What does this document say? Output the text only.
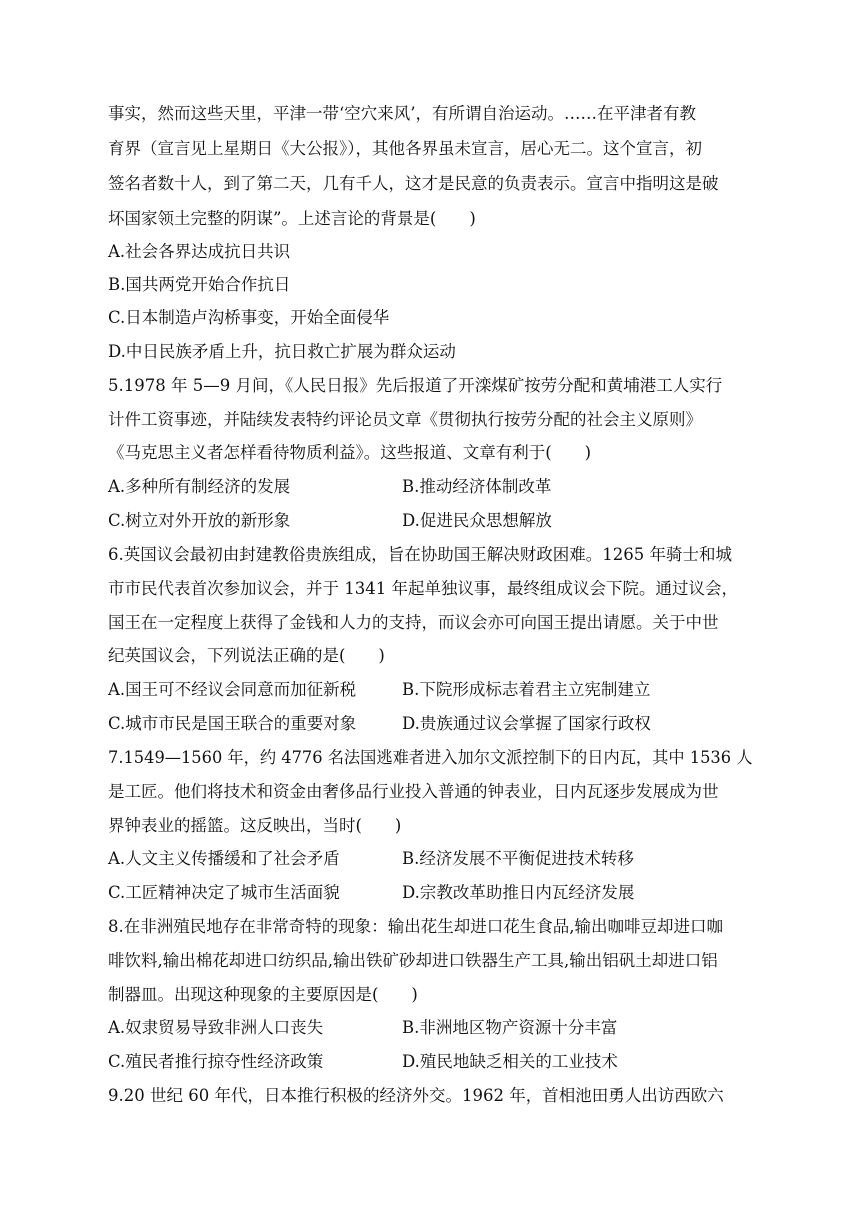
事实，然而这些天里，平津一带‘空穴来风’，有所谓自治运动。……在平津者有教
育界（宣言见上星期日《大公报》），其他各界虽未宣言，居心无二。这个宣言，初
签名者数十人，到了第二天，几有千人，这才是民意的负责表示。宣言中指明这是破
坏国家领土完整的阴谋”。上述言论的背景是(　　)
A.社会各界达成抗日共识
B.国共两党开始合作抗日
C.日本制造卢沟桥事变，开始全面侵华
D.中日民族矛盾上升，抗日救亡扩展为群众运动
5.1978 年 5—9 月间，《人民日报》先后报道了开滦煤矿按劳分配和黄埔港工人实行
计件工资事迹，并陆续发表特约评论员文章《贯彻执行按劳分配的社会主义原则》
《马克思主义者怎样看待物质利益》。这些报道、文章有利于(　　)
A.多种所有制经济的发展	B.推动经济体制改革
C.树立对外开放的新形象	D.促进民众思想解放
6.英国议会最初由封建教俗贵族组成，旨在协助国王解决财政困难。1265 年骑士和城
市市民代表首次参加议会，并于 1341 年起单独议事，最终组成议会下院。通过议会，
国王在一定程度上获得了金钱和人力的支持，而议会亦可向国王提出请愿。关于中世
纪英国议会，下列说法正确的是(　　)
A.国王可不经议会同意而加征新税	B.下院形成标志着君主立宪制建立
C.城市市民是国王联合的重要对象	D.贵族通过议会掌握了国家行政权
7.1549—1560 年，约 4776 名法国逃难者进入加尔文派控制下的日内瓦，其中 1536 人
是工匠。他们将技术和资金由奢侈品行业投入普通的钟表业，日内瓦逐步发展成为世
界钟表业的摇篮。这反映出，当时(　　)
A.人文主义传播缓和了社会矛盾	B.经济发展不平衡促进技术转移
C.工匠精神决定了城市生活面貌	D.宗教改革助推日内瓦经济发展
8.在非洲殖民地存在非常奇特的现象：输出花生却进口花生食品,输出咖啡豆却进口咖
啡饮料,输出棉花却进口纺织品,输出铁矿砂却进口铁器生产工具,输出铝矾土却进口铝
制器皿。出现这种现象的主要原因是(　　)
A.奴隶贸易导致非洲人口丧失	B.非洲地区物产资源十分丰富
C.殖民者推行掠夺性经济政策	D.殖民地缺乏相关的工业技术
9.20 世纪 60 年代，日本推行积极的经济外交。1962 年，首相池田勇人出访西欧六
